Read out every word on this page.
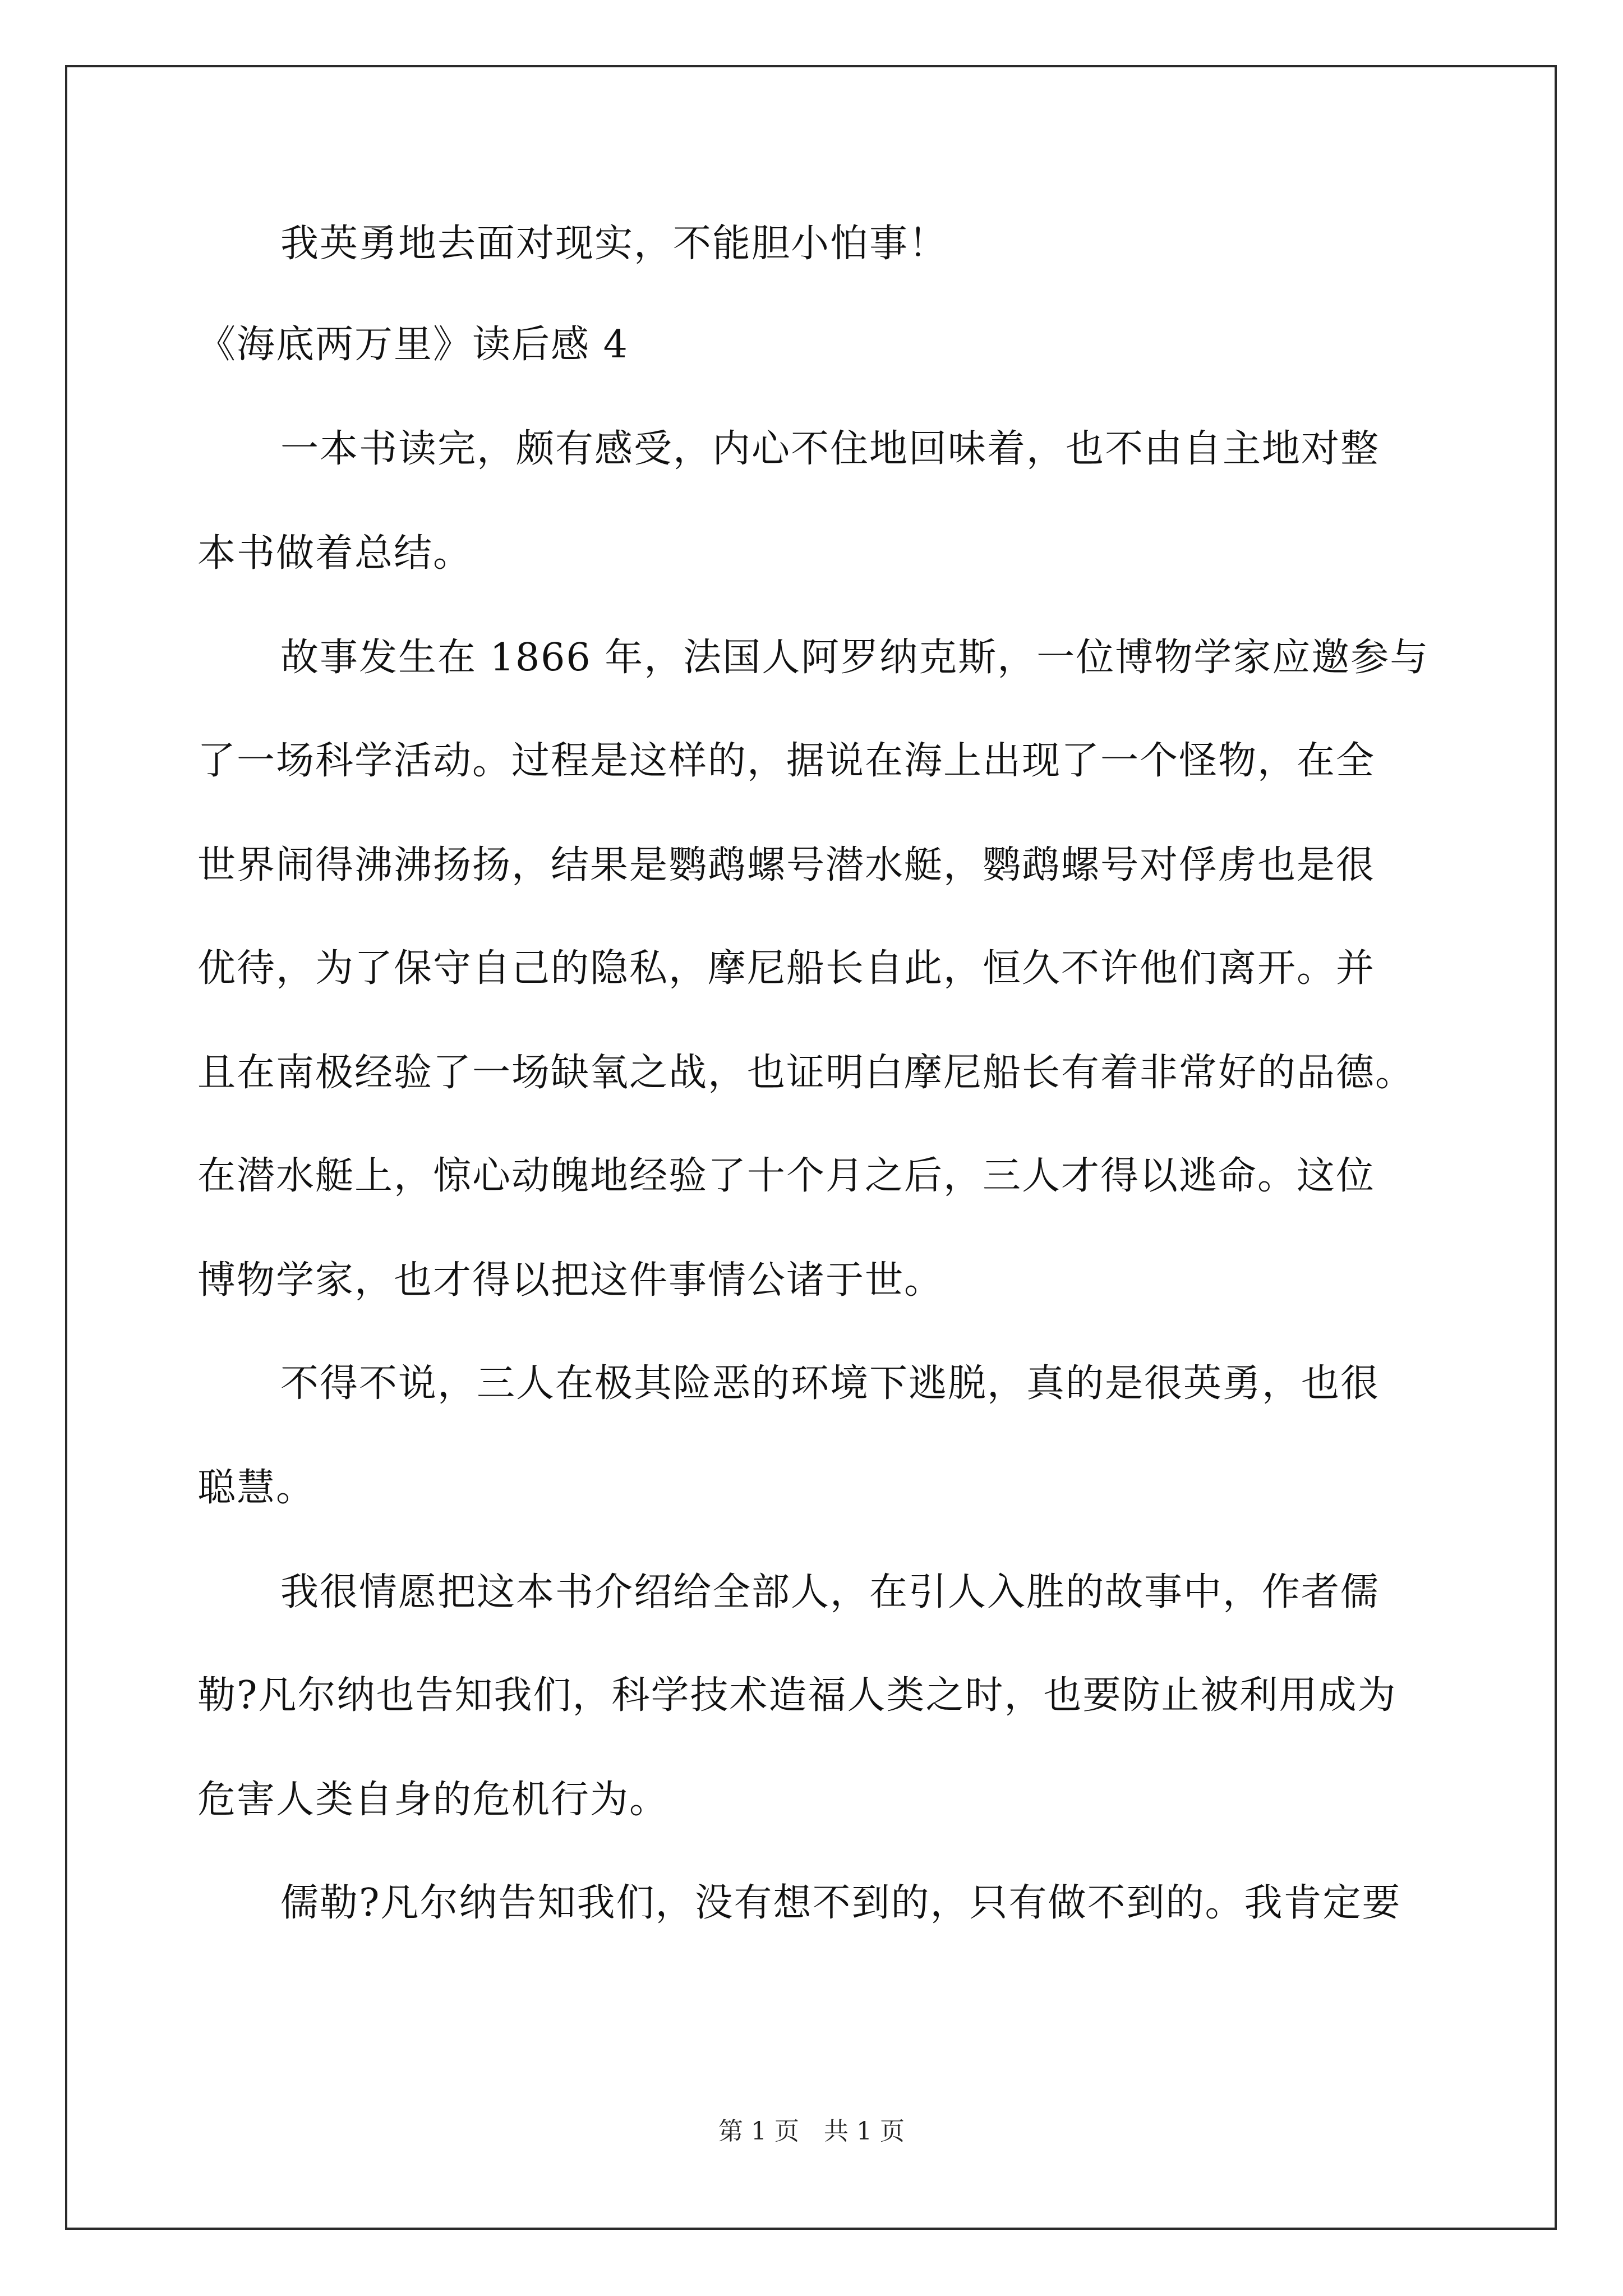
我英勇地去面对现实，不能胆小怕事！
《海底两万里》读后感 4
一本书读完，颇有感受，内心不住地回味着，也不由自主地对整
本书做着总结。
故事发生在 1866 年，法国人阿罗纳克斯，一位博物学家应邀参与
了一场科学活动。过程是这样的，据说在海上出现了一个怪物，在全
世界闹得沸沸扬扬，结果是鹦鹉螺号潜水艇，鹦鹉螺号对俘虏也是很
优待，为了保守自己的隐私，摩尼船长自此，恒久不许他们离开。并
且在南极经验了一场缺氧之战，也证明白摩尼船长有着非常好的品德。
在潜水艇上，惊心动魄地经验了十个月之后，三人才得以逃命。这位
博物学家，也才得以把这件事情公诸于世。
不得不说，三人在极其险恶的环境下逃脱，真的是很英勇，也很
聪慧。
我很情愿把这本书介绍给全部人，在引人入胜的故事中，作者儒
勒?凡尔纳也告知我们，科学技术造福人类之时，也要防止被利用成为
危害人类自身的危机行为。
儒勒?凡尔纳告知我们，没有想不到的，只有做不到的。我肯定要
第 1 页　共 1 页
